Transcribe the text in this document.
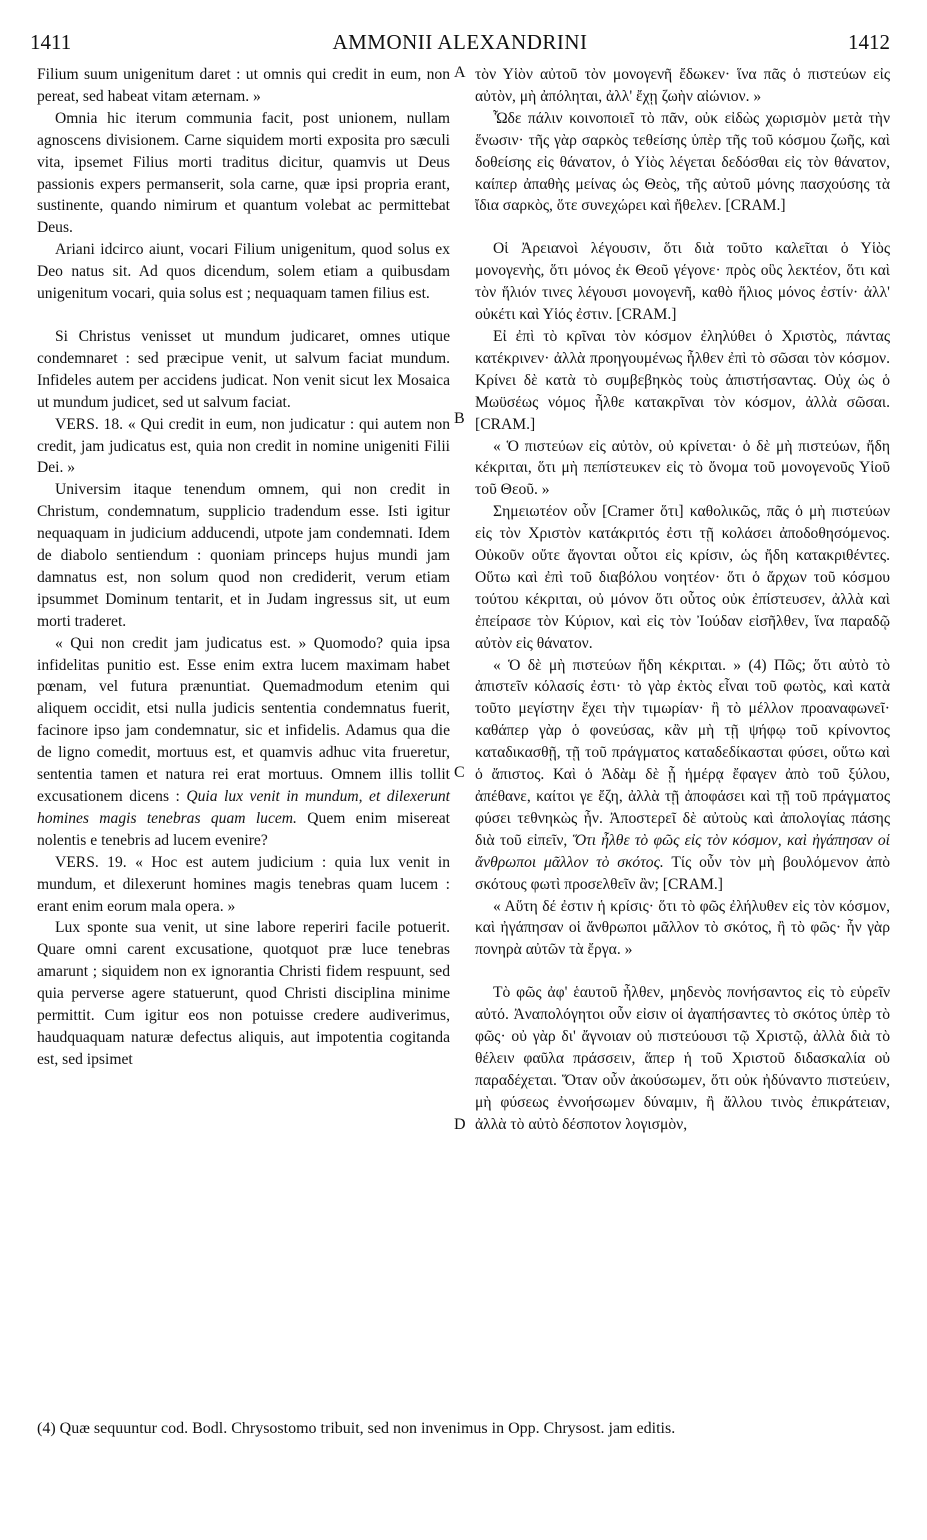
1411	AMMONII ALEXANDRINI	1412

Filium suum unigenitum daret : ut omnis qui credit in eum, non pereat, sed habeat vitam æternam. »

Omnia hic iterum communia facit, post unionem, nullam agnoscens divisionem. Carne siquidem morti exposita pro sæculi vita, ipsemet Filius morti traditus dicitur, quamvis ut Deus passionis expers permanserit, sola carne, quæ ipsi propria erant, sustinente, quando nimirum et quantum volebat ac permittebat Deus.

Ariani idcirco aiunt, vocari Filium unigenitum, quod solus ex Deo natus sit. Ad quos dicendum, solem etiam a quibusdam unigenitum vocari, quia solus est ; nequaquam tamen filius est.

Si Christus venisset ut mundum judicaret, omnes utique condemnaret : sed præcipue venit, ut salvum faciat mundum. Infideles autem per accidens judicat. Non venit sicut lex Mosaica ut mundum judicet, sed ut salvum faciat.

VERS. 18. « Qui credit in eum, non judicatur : qui autem non credit, jam judicatus est, quia non credit in nomine unigeniti Filii Dei. »

Universim itaque tenendum omnem, qui non credit in Christum, condemnatum, supplicio tradendum esse. Isti igitur nequaquam in judicium adducendi, utpote jam condemnati. Idem de diabolo sentiendum : quoniam princeps hujus mundi jam damnatus est, non solum quod non crediderit, verum etiam ipsummet Dominum tentarit, et in Judam ingressus sit, ut eum morti traderet.

« Qui non credit jam judicatus est. » Quomodo? quia ipsa infidelitas punitio est. Esse enim extra lucem maximam habet pœnam, vel futura prænuntiat. Quemadmodum etenim qui aliquem occidit, etsi nulla judicis sententia condemnatus fuerit, facinore ipso jam condemnatur, sic et infidelis. Adamus qua die de ligno comedit, mortuus est, et quamvis adhuc vita frueretur, sententia tamen et natura rei erat mortuus. Omnem illis tollit excusationem dicens : Quia lux venit in mundum, et dilexerunt homines magis tenebras quam lucem. Quem enim misereat nolentis e tenebris ad lucem evenire?

VERS. 19. « Hoc est autem judicium : quia lux venit in mundum, et dilexerunt homines magis tenebras quam lucem : erant enim eorum mala opera. »

Lux sponte sua venit, ut sine labore reperiri facile potuerit. Quare omni carent excusatione, quotquot præ luce tenebras amarunt ; siquidem non ex ignorantia Christi fidem respuunt, sed quia perverse agere statuerunt, quod Christi disciplina minime permittit. Cum igitur eos non potuisse credere audiverimus, haudquaquam naturæ defectus aliquis, aut impotentia cogitanda est, sed ipsimet

A
B
C
D

τὸν Υἱὸν αὐτοῦ τὸν μονογενῆ ἔδωκεν· ἵνα πᾶς ὁ πιστεύων εἰς αὐτὸν, μὴ ἀπόληται, ἀλλ' ἔχῃ ζωὴν αἰώνιον. »

Ὧδε πάλιν κοινοποιεῖ τὸ πᾶν, οὐκ εἰδὼς χωρισμὸν μετὰ τὴν ἕνωσιν· τῆς γὰρ σαρκὸς τεθείσης ὑπὲρ τῆς τοῦ κόσμου ζωῆς, καὶ δοθείσης εἰς θάνατον, ὁ Υἱὸς λέγεται δεδόσθαι εἰς τὸν θάνατον, καίπερ ἀπαθὴς μείνας ὡς Θεὸς, τῆς αὐτοῦ μόνης πασχούσης τὰ ἴδια σαρκὸς, ὅτε συνεχώρει καὶ ἤθελεν. [CRAM.]

Οἱ Ἀρειανοὶ λέγουσιν, ὅτι διὰ τοῦτο καλεῖται ὁ Υἱὸς μονογενὴς, ὅτι μόνος ἐκ Θεοῦ γέγονε· πρὸς οὓς λεκτέον, ὅτι καὶ τὸν ἥλιόν τινες λέγουσι μονογενῆ, καθὸ ἥλιος μόνος ἐστίν· ἀλλ' οὐκέτι καὶ Υἱός ἐστιν. [CRAM.]

Εἰ ἐπὶ τὸ κρῖναι τὸν κόσμον ἐληλύθει ὁ Χριστὸς, πάντας κατέκρινεν· ἀλλὰ προηγουμένως ἦλθεν ἐπὶ τὸ σῶσαι τὸν κόσμον. Κρίνει δὲ κατὰ τὸ συμβεβηκὸς τοὺς ἀπιστήσαντας. Οὐχ ὡς ὁ Μωϋσέως νόμος ἦλθε κατακρῖναι τὸν κόσμον, ἀλλὰ σῶσαι. [CRAM.]

« Ὁ πιστεύων εἰς αὐτὸν, οὐ κρίνεται· ὁ δὲ μὴ πιστεύων, ἤδη κέκριται, ὅτι μὴ πεπίστευκεν εἰς τὸ ὄνομα τοῦ μονογενοῦς Υἱοῦ τοῦ Θεοῦ. »

Σημειωτέον οὖν [Cramer ὅτι] καθολικῶς, πᾶς ὁ μὴ πιστεύων εἰς τὸν Χριστὸν κατάκριτός ἐστι τῇ κολάσει ἀποδοθησόμενος. Οὐκοῦν οὔτε ἄγονται οὗτοι εἰς κρίσιν, ὡς ἤδη κατακριθέντες. Οὕτω καὶ ἐπὶ τοῦ διαβόλου νοητέον· ὅτι ὁ ἄρχων τοῦ κόσμου τούτου κέκριται, οὐ μόνον ὅτι οὗτος οὐκ ἐπίστευσεν, ἀλλὰ καὶ ἐπείρασε τὸν Κύριον, καὶ εἰς τὸν Ἰούδαν εἰσῆλθεν, ἵνα παραδῷ αὐτὸν εἰς θάνατον.

« Ὁ δὲ μὴ πιστεύων ἤδη κέκριται. » (4) Πῶς; ὅτι αὐτὸ τὸ ἀπιστεῖν κόλασίς ἐστι· τὸ γὰρ ἐκτὸς εἶναι τοῦ φωτὸς, καὶ κατὰ τοῦτο μεγίστην ἔχει τὴν τιμωρίαν· ἢ τὸ μέλλον προαναφωνεῖ· καθάπερ γὰρ ὁ φονεύσας, κἂν μὴ τῇ ψήφῳ τοῦ κρίνοντος καταδικασθῇ, τῇ τοῦ πράγματος καταδεδίκασται φύσει, οὕτω καὶ ὁ ἄπιστος. Καὶ ὁ Ἀδὰμ δὲ ᾗ ἡμέρᾳ ἔφαγεν ἀπὸ τοῦ ξύλου, ἀπέθανε, καίτοι γε ἔζη, ἀλλὰ τῇ ἀποφάσει καὶ τῇ τοῦ πράγματος φύσει τεθνηκὼς ἦν. Ἀποστερεῖ δὲ αὐτοὺς καὶ ἀπολογίας πάσης διὰ τοῦ εἰπεῖν, Ὅτι ἦλθε τὸ φῶς εἰς τὸν κόσμον, καὶ ἠγάπησαν οἱ ἄνθρωποι μᾶλλον τὸ σκότος. Τίς οὖν τὸν μὴ βουλόμενον ἀπὸ σκότους φωτὶ προσελθεῖν ἂν; [CRAM.]

« Αὕτη δέ ἐστιν ἡ κρίσις· ὅτι τὸ φῶς ἐλήλυθεν εἰς τὸν κόσμον, καὶ ἠγάπησαν οἱ ἄνθρωποι μᾶλλον τὸ σκότος, ἢ τὸ φῶς· ἦν γὰρ πονηρὰ αὐτῶν τὰ ἔργα. »

Τὸ φῶς ἀφ' ἑαυτοῦ ἦλθεν, μηδενὸς πονήσαντος εἰς τὸ εὑρεῖν αὐτό. Ἀναπολόγητοι οὖν εἰσιν οἱ ἀγαπήσαντες τὸ σκότος ὑπὲρ τὸ φῶς· οὐ γὰρ δι' ἄγνοιαν οὐ πιστεύουσι τῷ Χριστῷ, ἀλλὰ διὰ τὸ θέλειν φαῦλα πράσσειν, ἅπερ ἡ τοῦ Χριστοῦ διδασκαλία οὐ παραδέχεται. Ὅταν οὖν ἀκούσωμεν, ὅτι οὐκ ἠδύναντο πιστεύειν, μὴ φύσεως ἐννοήσωμεν δύναμιν, ἢ ἄλλου τινὸς ἐπικράτειαν, ἀλλὰ τὸ αὐτὸ δέσποτον λογισμὸν,

(4) Quæ sequuntur cod. Bodl. Chrysostomo tribuit, sed non invenimus in Opp. Chrysost. jam editis.
